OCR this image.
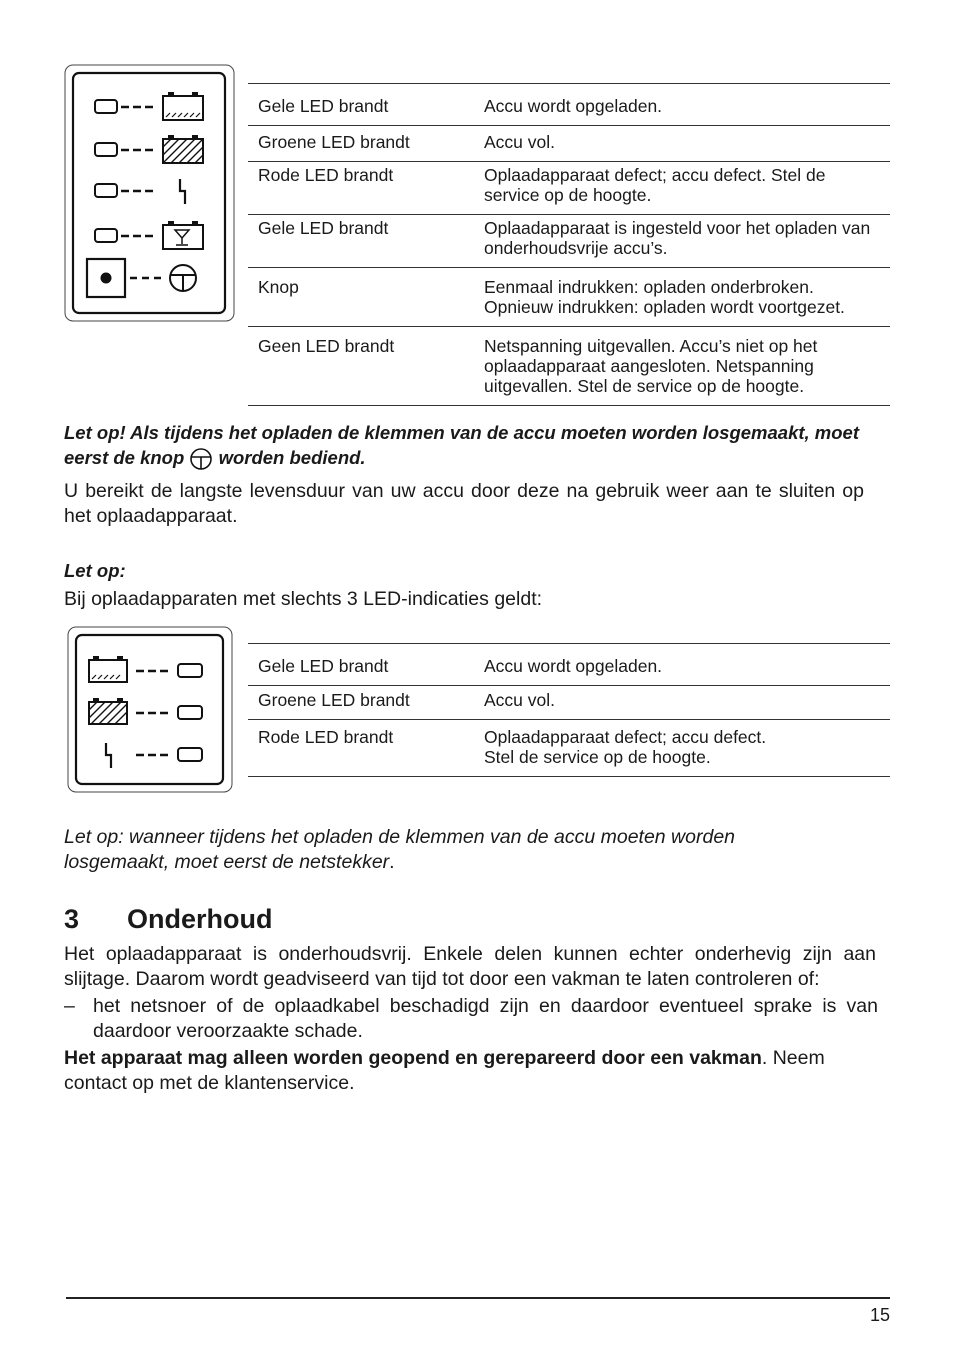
Gele LED brandt	Accu wordt opgeladen.
Groene LED brandt	Accu vol.
Rode LED brandt	Oplaadapparaat defect; accu defect. Stel de service op de hoogte.
Gele LED brandt	Oplaadapparaat is ingesteld voor het opladen van onderhoudsvrije accu’s.
Knop	Eenmaal indrukken: opladen onderbroken.
Opnieuw indrukken: opladen wordt voortgezet.
Geen LED brandt	Netspanning uitgevallen. Accu’s niet op het oplaadapparaat aangesloten. Netspanning uitgevallen. Stel de service op de hoogte.

Let op! Als tijdens het opladen de klemmen van de accu moeten worden losgemaakt, moet eerst de knop worden bediend.

U bereikt de langste levensduur van uw accu door deze na gebruik weer aan te sluiten op het oplaadapparaat.

Let op:

Bij oplaadapparaten met slechts 3 LED-indicaties geldt:

Gele LED brandt	Accu wordt opgeladen.
Groene LED brandt	Accu vol.
Rode LED brandt	Oplaadapparaat defect; accu defect.
Stel de service op de hoogte.

Let op: wanneer tijdens het opladen de klemmen van de accu moeten worden losgemaakt, moet eerst de netstekker.

3 Onderhoud

Het oplaadapparaat is onderhoudsvrij. Enkele delen kunnen echter onderhevig zijn aan slijtage. Daarom wordt geadviseerd van tijd tot door een vakman te laten controleren of:

– het netsnoer of de oplaadkabel beschadigd zijn en daardoor eventueel sprake is van daardoor veroorzaakte schade.

Het apparaat mag alleen worden geopend en gerepareerd door een vakman. Neem contact op met de klantenservice.

15
